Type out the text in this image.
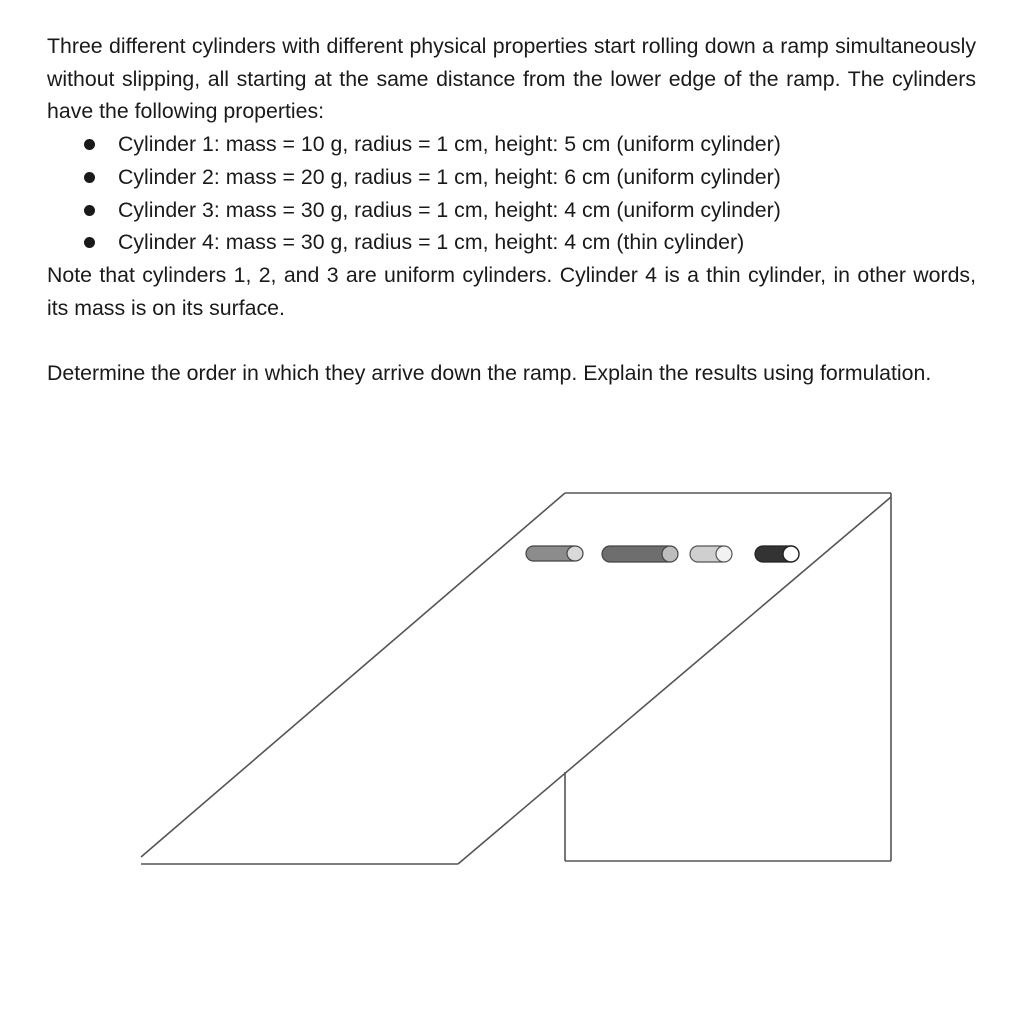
Three different cylinders with different physical properties start rolling down a ramp simultaneously without slipping, all starting at the same distance from the lower edge of the ramp. The cylinders have the following properties:

Cylinder 1: mass = 10 g, radius = 1 cm, height: 5 cm (uniform cylinder)
Cylinder 2: mass = 20 g, radius = 1 cm, height: 6 cm (uniform cylinder)
Cylinder 3: mass = 30 g, radius = 1 cm, height: 4 cm (uniform cylinder)
Cylinder 4: mass = 30 g, radius = 1 cm, height: 4 cm (thin cylinder)

Note that cylinders 1, 2, and 3 are uniform cylinders. Cylinder 4 is a thin cylinder, in other words, its mass is on its surface.

Determine the order in which they arrive down the ramp. Explain the results using formulation.
